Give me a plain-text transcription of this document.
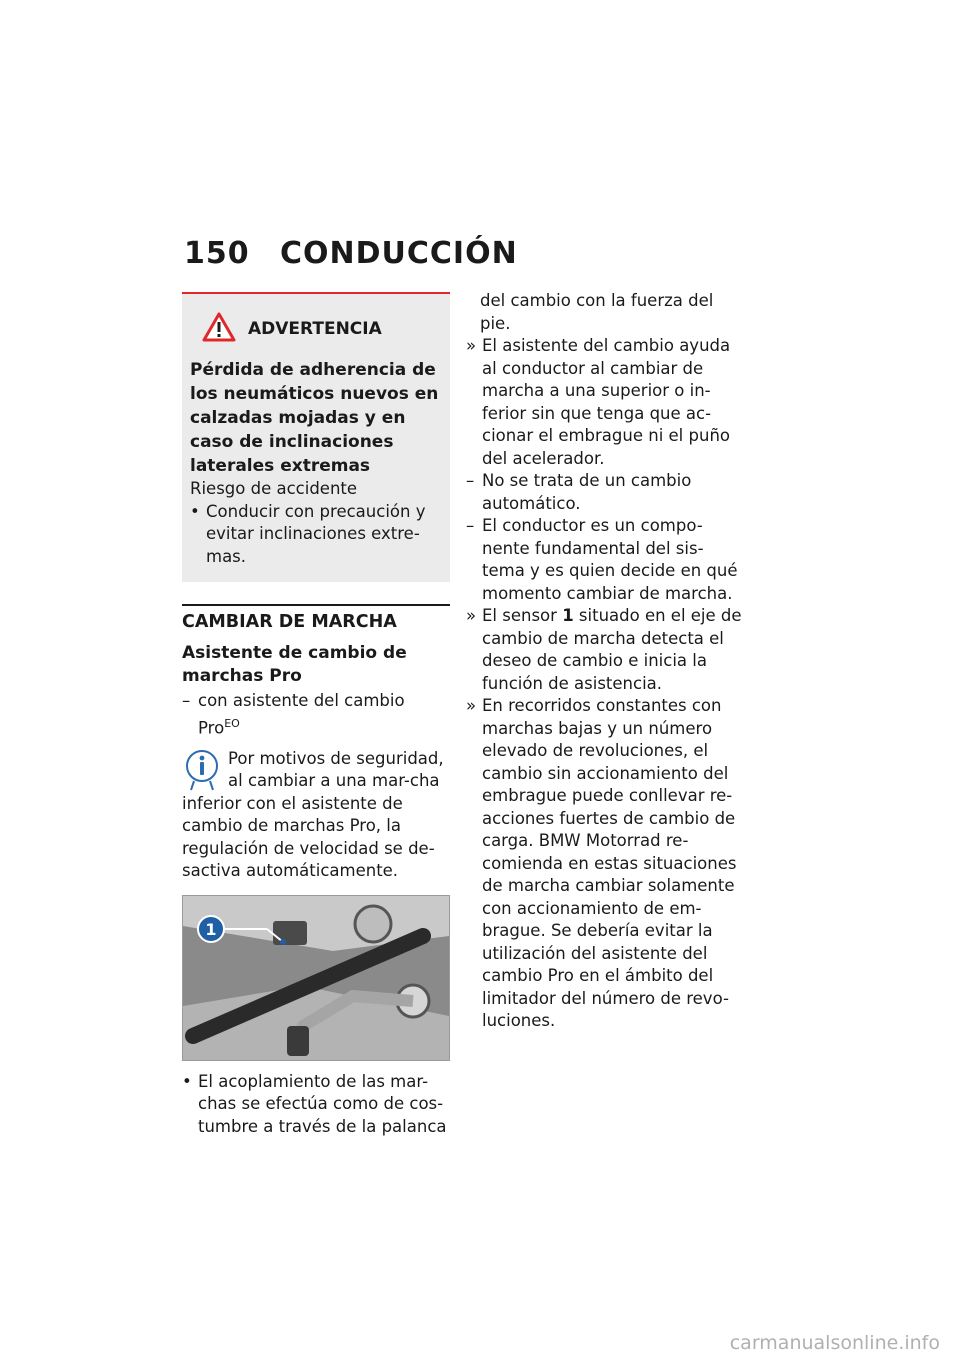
150 CONDUCCIÓN
ADVERTENCIA
Pérdida de adherencia de los neumáticos nuevos en calzadas mojadas y en caso de inclinaciones laterales extremas
Riesgo de accidente
• Conducir con precaución y evitar inclinaciones extre-mas.
CAMBIAR DE MARCHA
Asistente de cambio de marchas Pro
– con asistente del cambio Pro$^{EO}$
Por motivos de seguridad, al cambiar a una mar-cha inferior con el asistente de cambio de marchas Pro, la regulación de velocidad se de-sactiva automáticamente.
1
• El acoplamiento de las mar-chas se efectúa como de cos-tumbre a través de la palanca
del cambio con la fuerza del pie.
» El asistente del cambio ayuda al conductor al cambiar de marcha a una superior o in-ferior sin que tenga que ac-cionar el embrague ni el puño del acelerador.
– No se trata de un cambio automático.
– El conductor es un compo-nente fundamental del sis-tema y es quien decide en qué momento cambiar de marcha.
» El sensor 1 situado en el eje de cambio de marcha detecta el deseo de cambio e inicia la función de asistencia.
» En recorridos constantes con marchas bajas y un número elevado de revoluciones, el cambio sin accionamiento del embrague puede conllevar re-acciones fuertes de cambio de carga. BMW Motorrad re-comienda en estas situaciones de marcha cambiar solamente con accionamiento de em-brague. Se debería evitar la utilización del asistente del cambio Pro en el ámbito del limitador del número de revo-luciones.
carmanualsonline.info
